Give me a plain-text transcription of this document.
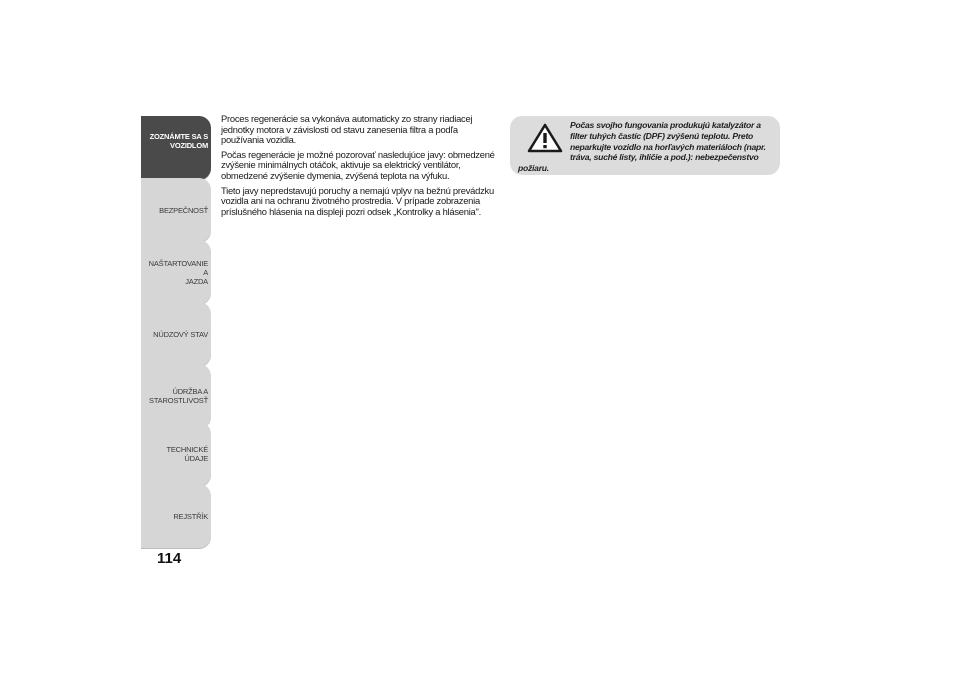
ZOZNÁMTE SA S
VOZIDLOM
BEZPEČNOSŤ
NAŠTARTOVANIE A
JAZDA
NÚDZOVÝ STAV
ÚDRŽBA A
STAROSTLIVOSŤ
TECHNICKÉ ÚDAJE
REJSTŘÍK
114

Proces regenerácie sa vykonáva automaticky zo strany riadiacej jednotky motora v závislosti od stavu zanesenia filtra a podľa používania vozidla.

Počas regenerácie je možné pozorovať nasledujúce javy: obmedzené zvýšenie minimálnych otáčok, aktivuje sa elektrický ventilátor, obmedzené zvýšenie dymenia, zvýšená teplota na výfuku.

Tieto javy nepredstavujú poruchy a nemajú vplyv na bežnú prevádzku vozidla ani na ochranu životného prostredia. V prípade zobrazenia príslušného hlásenia na displeji pozri odsek „Kontrolky a hlásenia".

Počas svojho fungovania produkujú katalyzátor a filter tuhých častíc (DPF) zvýšenú teplotu. Preto neparkujte vozidlo na horľavých materiáloch (napr. tráva, suché listy, ihličie a pod.): nebezpečenstvo požiaru.
